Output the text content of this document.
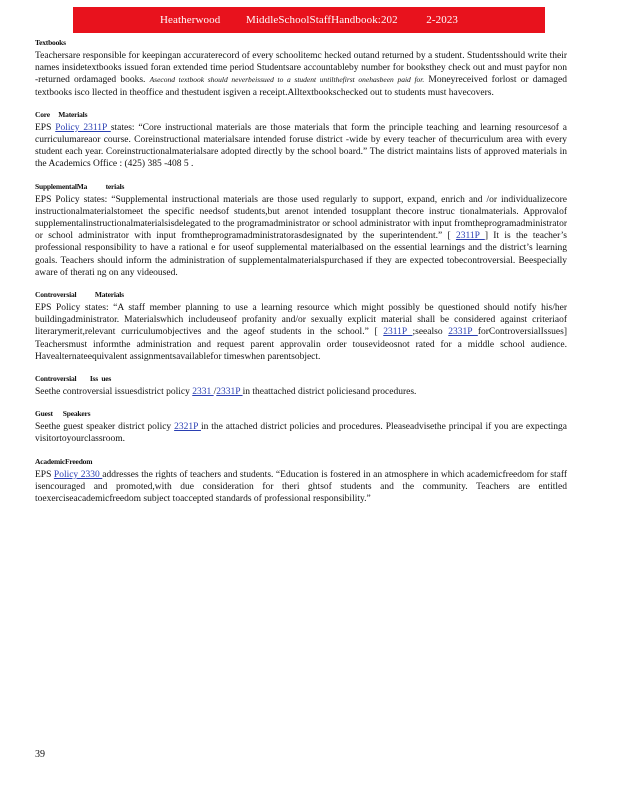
Heatherwood         MiddleSchoolStaffHandbook:202          2-2023
Textbooks

Teachersare responsible for keepingan accuraterecord of every schoolitemc hecked outand returned by a student. Studentsshould write their names insidetextbooks issued foran extended time period Studentsare accountableby number for booksthey check out and must payfor non -returned ordamaged books. Asecond textbook should neverbeissued to a student untilthefirst onehasbeen paid for. Moneyreceived forlost or damaged textbooks isco llected in theoffice and thestudent isgiven a receipt.Alltextbookschecked out to students must havecovers.

Core     Materials

EPS Policy 2311P states: “Core instructional materials are those materials that form the principle teaching and learning resourcesof a curriculumareaor course. Coreinstructional materialsare intended foruse district -wide by every teacher of thecurriculum area with every student each year. Coreinstructionalmaterialsare adopted directly by the school board.” The district maintains lists of approved materials in the Academics Office : (425) 385 -408 5 .

SupplementalMa           terials

EPS Policy states: “Supplemental instructional materials are those used regularly to support, expand, enrich and /or individualizecore instructionalmaterialstomeet the specific needsof students,but arenot intended tosupplant thecore instruc tionalmaterials. Approvalof supplementalinstructionalmaterialsisdelegated to the programadministrator or school administrator with input fromtheprogramadministrator or school administrator with input fromtheprogramadministratorasdesignated by the superintendent.” [ 2311P ] It is the teacher’s professional responsibility to have a rational e for useof supplemental materialbased on the essential learnings and the district’s learning goals. Teachers should inform the administration of supplementalmaterialspurchased if they are expected tobecontroversial. Beespecially aware of therati ng on any videoused.

Controversial           Materials

EPS Policy states: “A staff member planning to use a learning resource which might possibly be questioned should notify his/her buildingadministrator. Materialswhich includeuseof profanity and/or sexually explicit material shall be considered against criteriaof literarymerit,relevant curriculumobjectives and the ageof students in the school.” [ 2311P ;seealso 2331P forControversialIssues] Teachersmust informthe administration and request parent approvalin order tousevideosnot rated for a middle school audience. Havealternateequivalent assignmentsavailablefor timeswhen parentsobject.

Controversial        Iss  ues

Seethe controversial issuesdistrict policy 2331 /2331P in theattached district policiesand procedures.

Guest      Speakers

Seethe guest speaker district policy 2321P in the attached district policies and procedures. Pleaseadvisethe principal if you are expectinga visitortoyourclassroom.

AcademicFreedom

EPS Policy 2330 addresses the rights of teachers and students. “Education is fostered in an atmosphere in which academicfreedom for staff isencouraged and promoted,with due consideration for theri ghtsof students and the community. Teachers are entitled toexerciseacademicfreedom subject toaccepted standards of professional responsibility.”

39
